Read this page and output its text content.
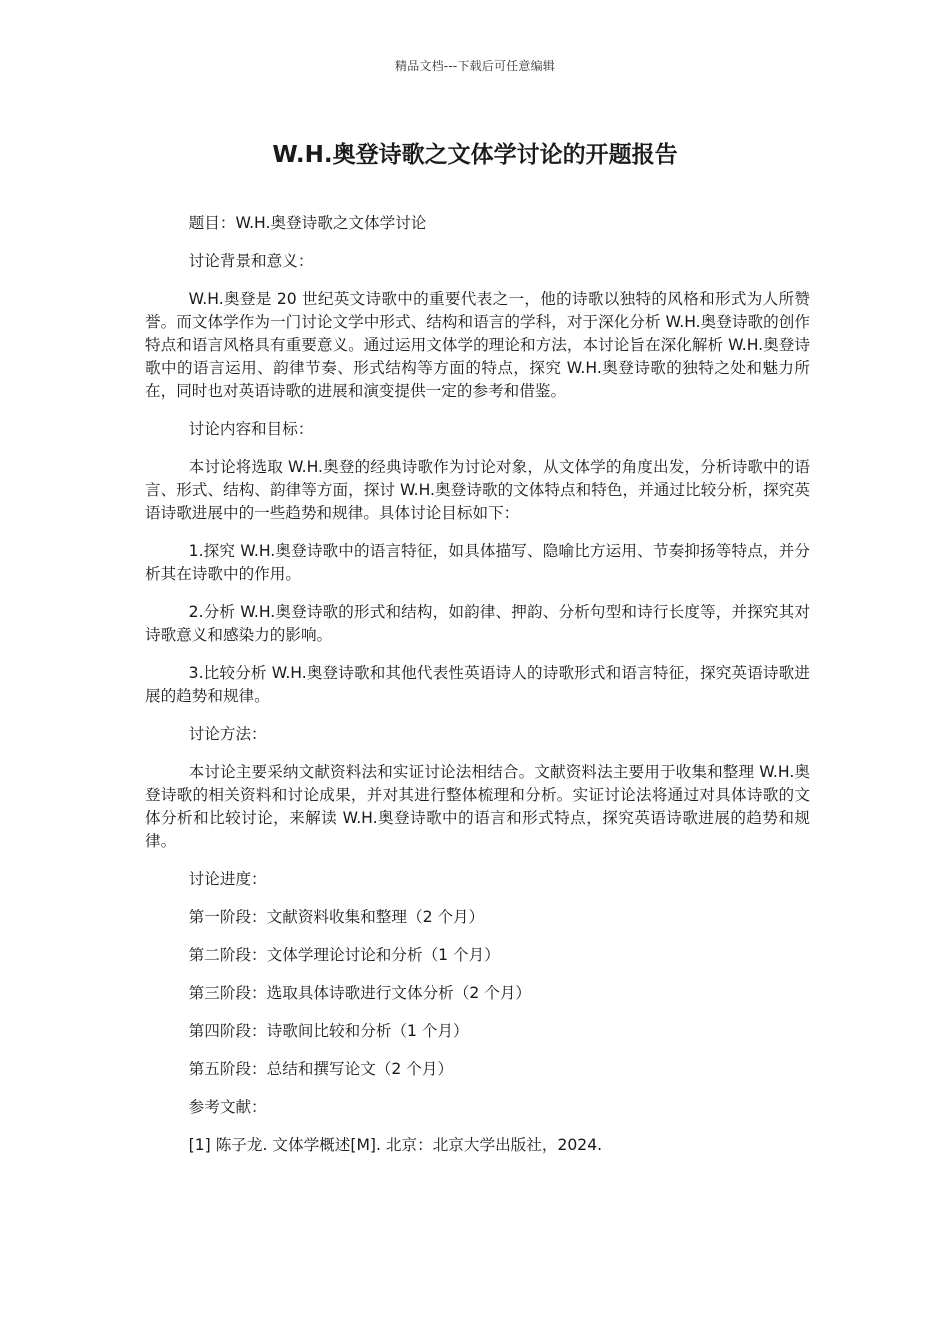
精品文档---下载后可任意编辑
W.H.奥登诗歌之文体学讨论的开题报告

题目：W.H.奥登诗歌之文体学讨论

讨论背景和意义：

W.H.奥登是 20 世纪英文诗歌中的重要代表之一，他的诗歌以独特的风格和形式为人所赞誉。而文体学作为一门讨论文学中形式、结构和语言的学科，对于深化分析 W.H.奥登诗歌的创作特点和语言风格具有重要意义。通过运用文体学的理论和方法，本讨论旨在深化解析 W.H.奥登诗歌中的语言运用、韵律节奏、形式结构等方面的特点，探究 W.H.奥登诗歌的独特之处和魅力所在，同时也对英语诗歌的进展和演变提供一定的参考和借鉴。

讨论内容和目标：

本讨论将选取 W.H.奥登的经典诗歌作为讨论对象，从文体学的角度出发，分析诗歌中的语言、形式、结构、韵律等方面，探讨 W.H.奥登诗歌的文体特点和特色，并通过比较分析，探究英语诗歌进展中的一些趋势和规律。具体讨论目标如下：

1.探究 W.H.奥登诗歌中的语言特征，如具体描写、隐喻比方运用、节奏抑扬等特点，并分析其在诗歌中的作用。

2.分析 W.H.奥登诗歌的形式和结构，如韵律、押韵、分析句型和诗行长度等，并探究其对诗歌意义和感染力的影响。

3.比较分析 W.H.奥登诗歌和其他代表性英语诗人的诗歌形式和语言特征，探究英语诗歌进展的趋势和规律。

讨论方法：

本讨论主要采纳文献资料法和实证讨论法相结合。文献资料法主要用于收集和整理 W.H.奥登诗歌的相关资料和讨论成果，并对其进行整体梳理和分析。实证讨论法将通过对具体诗歌的文体分析和比较讨论，来解读 W.H.奥登诗歌中的语言和形式特点，探究英语诗歌进展的趋势和规律。

讨论进度：

第一阶段：文献资料收集和整理（2 个月）

第二阶段：文体学理论讨论和分析（1 个月）

第三阶段：选取具体诗歌进行文体分析（2 个月）

第四阶段：诗歌间比较和分析（1 个月）

第五阶段：总结和撰写论文（2 个月）

参考文献：

[1] 陈子龙. 文体学概述[M]. 北京：北京大学出版社，2024.
